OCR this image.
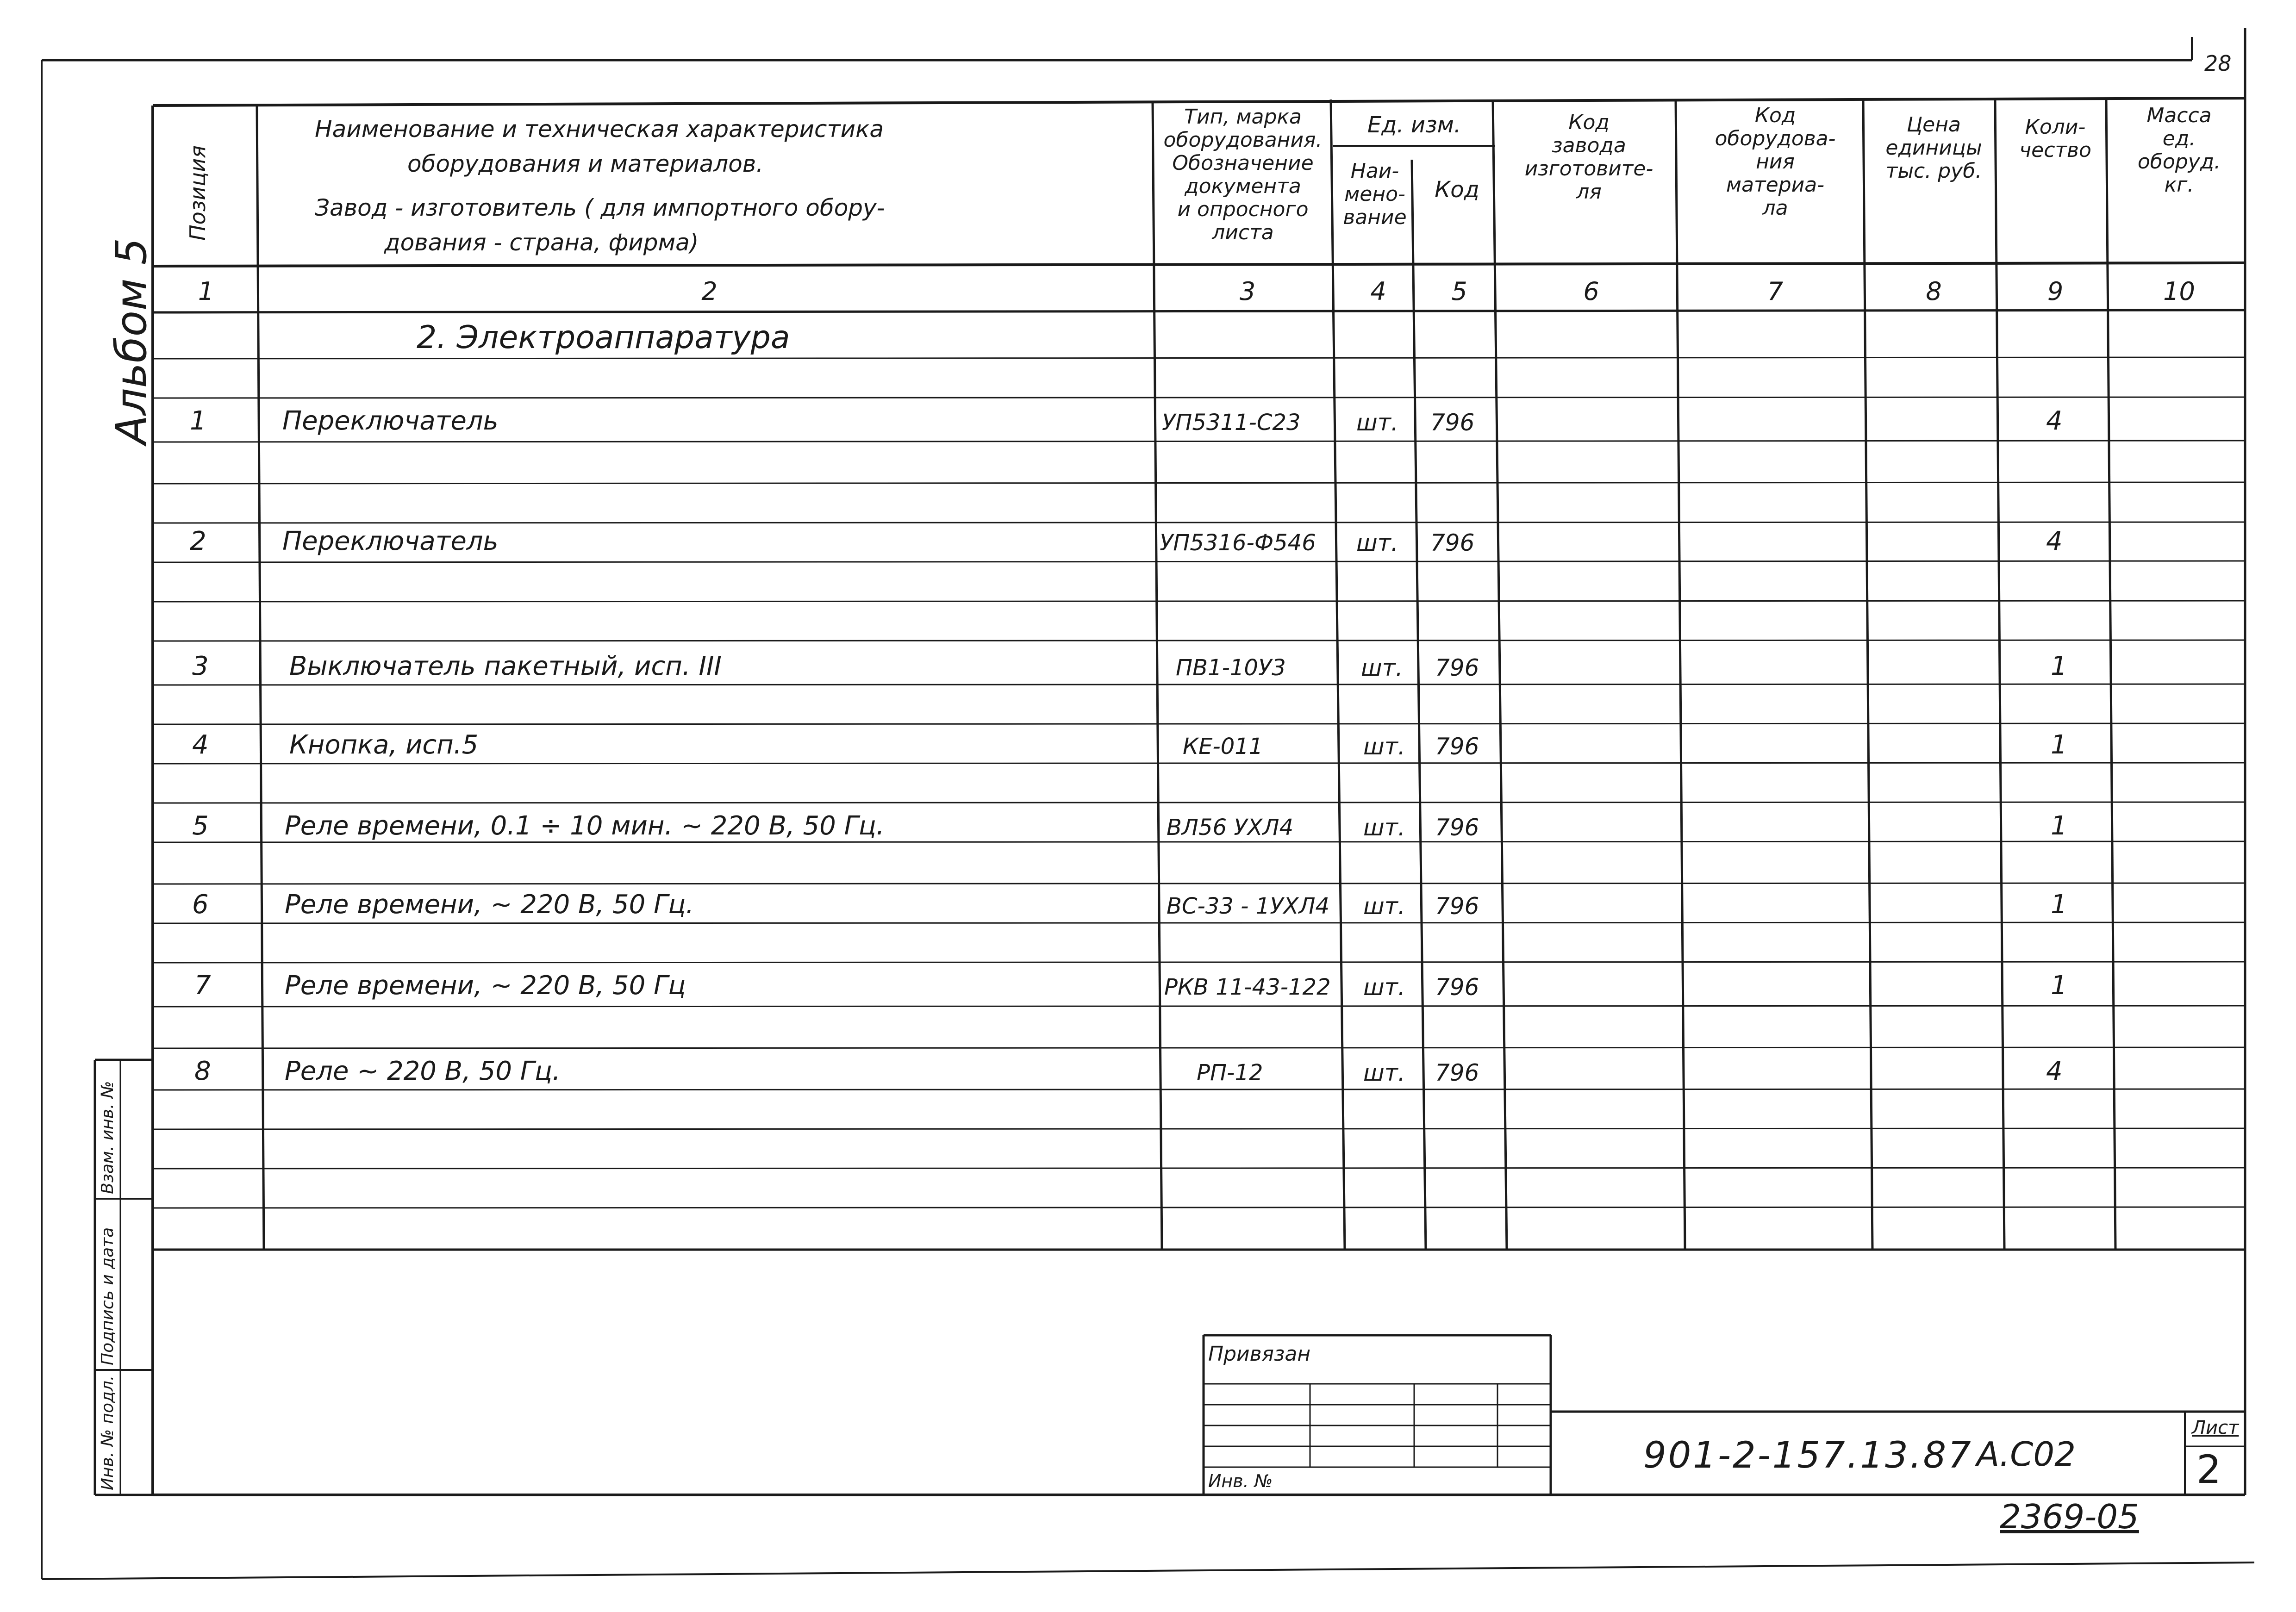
28
Альбом 5
Позиция
Наименование и техническая характеристика
оборудования и материалов.
Завод - изготовитель ( для импортного обору-
дования - страна, фирма)
Тип, марка
оборудования.
Обозначение
документа
и опросного
листа
Ед. изм.
Наи-
мено-
вание
Код
Код
завода
изготовите-
ля
Код
оборудова-
ния
материа-
ла
Цена
единицы
тыс. руб.
Коли-
чество
Масса
ед.
оборуд.
кг.
1	2	3	4	5	6	7	8	9	10
2. Электроаппаратура
1	Переключатель	УП5311-С23 шт. 796	4
2	Переключатель	УП5316-Ф546 шт. 796	4
3	Выключатель пакетный, исп. III	ПВ1-10У3	шт. 796	1
4	Кнопка, исп.5	КЕ-011	шт. 796	1
5	Реле времени, 0.1 ÷ 10 мин. ~ 220 В, 50 Гц.	ВЛ56 УХЛ4	шт. 796	1
6	Реле времени, ~ 220 В, 50 Гц.	ВС-33 - 1УХЛ4 шт. 796	1
7	Реле времени, ~ 220 В, 50 Гц	РКВ 11-43-122 шт. 796	1
8	Реле ~ 220 В, 50 Гц.	РП-12	шт. 796	4
Взам. инв. №
Подпись и дата
Инв. № подл.
Привязан
Инв. №
901-2-157.13.87 А.С02
Лист
2
2369-05
